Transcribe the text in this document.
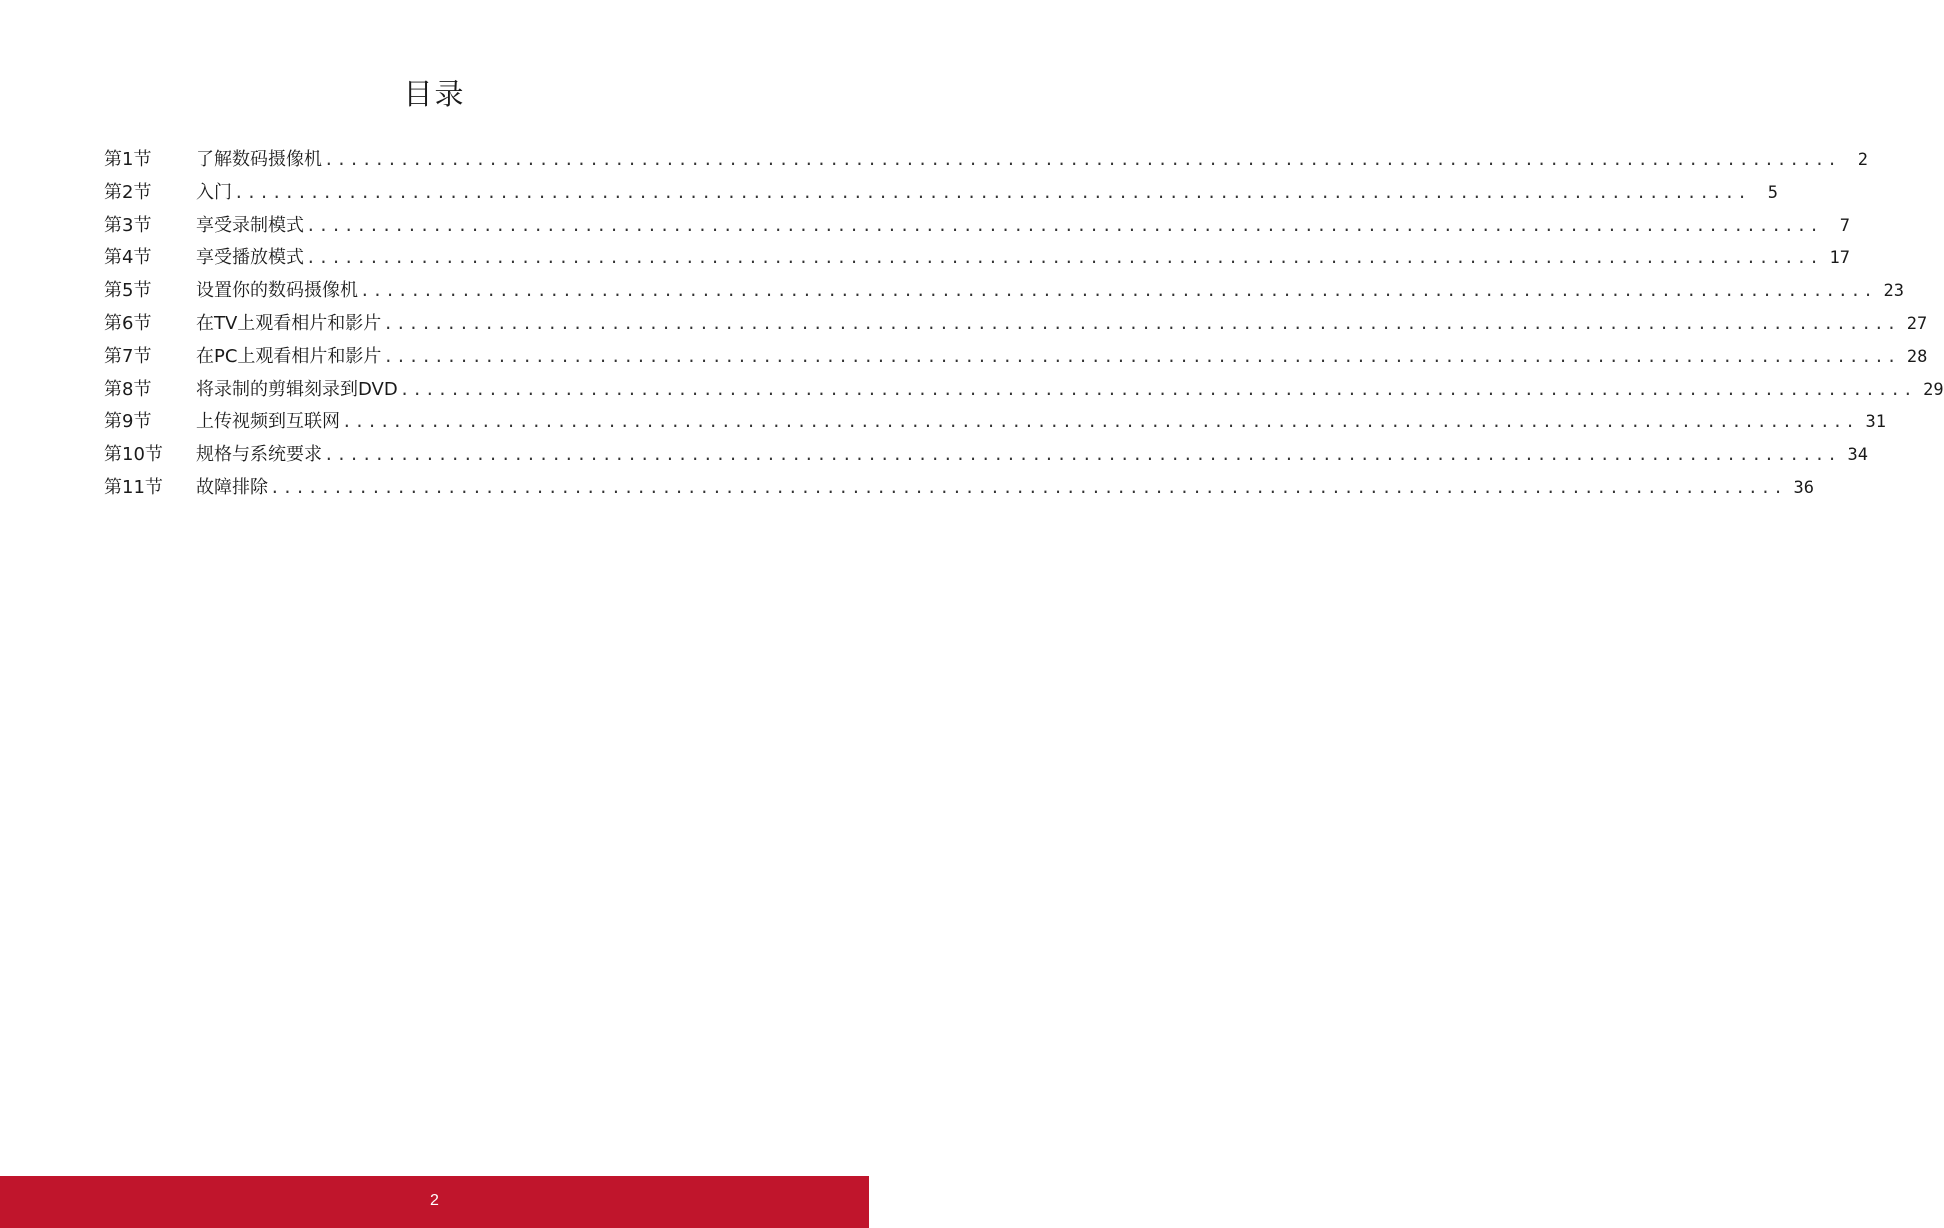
目录
第1节	了解数码摄像机 ........................................................................................................................	2
第2节	入门 ........................................................................................................................	5
第3节	享受录制模式 ........................................................................................................................	7
第4节	享受播放模式 ........................................................................................................................ 17
第5节	设置你的数码摄像机 ........................................................................................................................ 23
第6节	在TV上观看相片和影片 ........................................................................................................................ 27
第7节	在PC上观看相片和影片 ........................................................................................................................ 28
第8节	将录制的剪辑刻录到DVD ........................................................................................................................ 29
第9节	上传视频到互联网 ........................................................................................................................ 31
第10节	规格与系统要求 ........................................................................................................................ 34
第11节	故障排除 ........................................................................................................................ 36
2
